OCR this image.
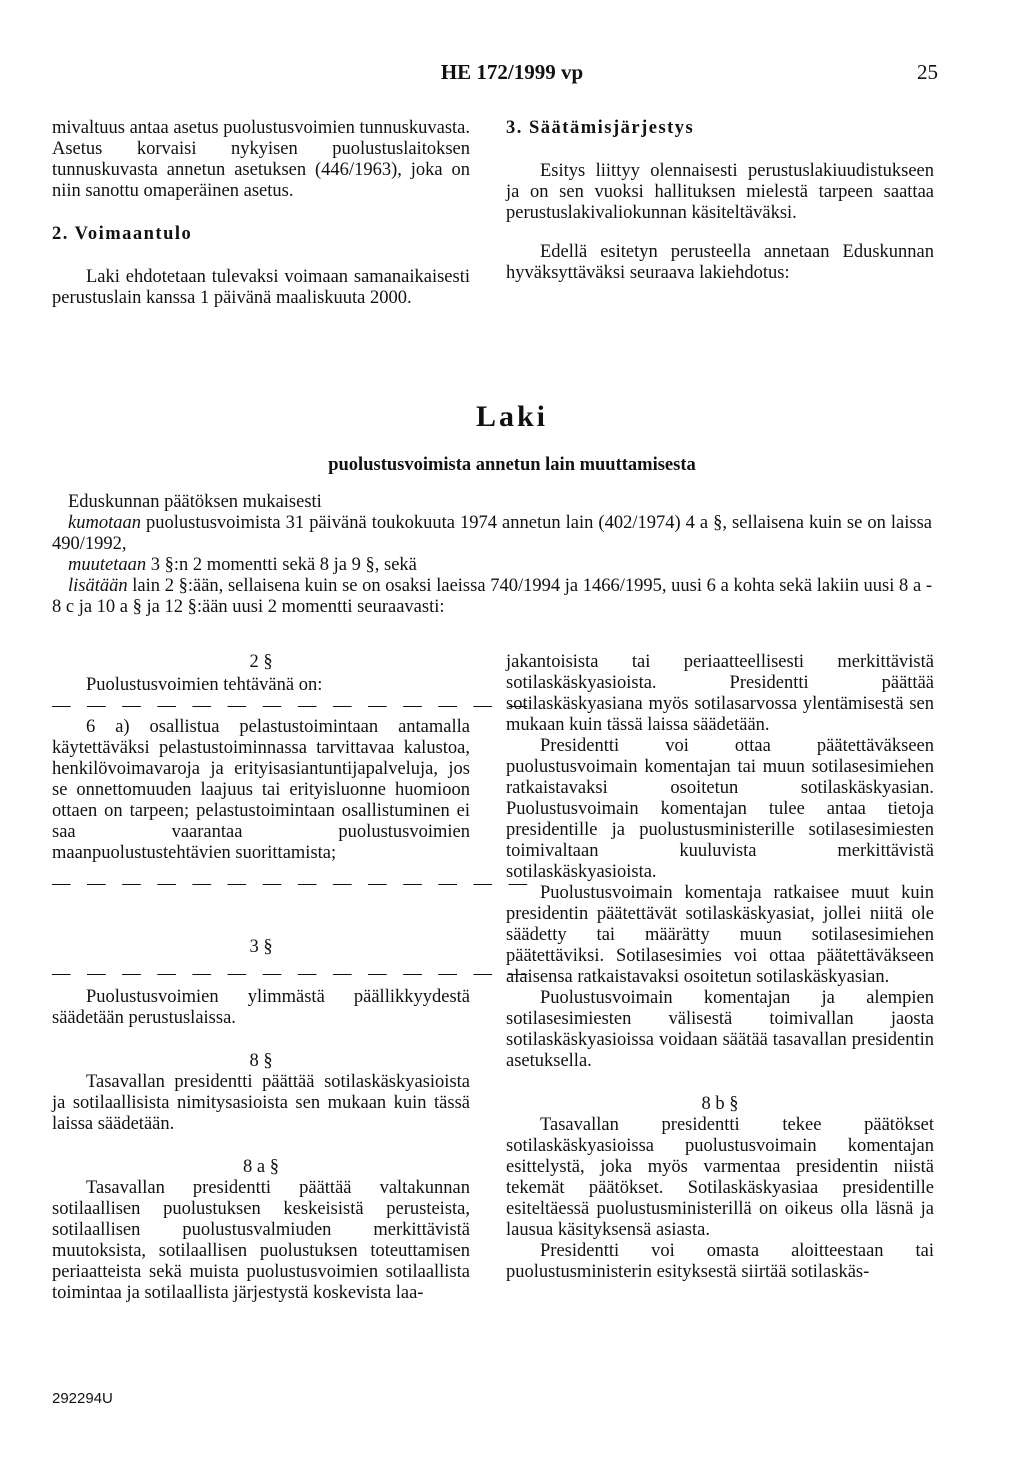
HE 172/1999 vp	25

mivaltuus antaa asetus puolustusvoimien tunnuskuvasta. Asetus korvaisi nykyisen puolustuslaitoksen tunnuskuvasta annetun asetuksen (446/1963), joka on niin sanottu omaperäinen asetus.

2. Voimaantulo

Laki ehdotetaan tulevaksi voimaan samanaikaisesti perustuslain kanssa 1 päivänä maaliskuuta 2000.

3. Säätämisjärjestys

Esitys liittyy olennaisesti perustuslakiuudistukseen ja on sen vuoksi hallituksen mielestä tarpeen saattaa perustuslakivaliokunnan käsiteltäväksi.

Edellä esitetyn perusteella annetaan Eduskunnan hyväksyttäväksi seuraava lakiehdotus:

Laki
puolustusvoimista annetun lain muuttamisesta

Eduskunnan päätöksen mukaisesti

kumotaan puolustusvoimista 31 päivänä toukokuuta 1974 annetun lain (402/1974) 4 a §, sellaisena kuin se on laissa 490/1992,

muutetaan 3 §:n 2 momentti sekä 8 ja 9 §, sekä

lisätään lain 2 §:ään, sellaisena kuin se on osaksi laeissa 740/1994 ja 1466/1995, uusi 6 a kohta sekä lakiin uusi 8 a - 8 c ja 10 a § ja 12 §:ään uusi 2 momentti seuraavasti:

2 §

Puolustusvoimien tehtävänä on:

— — — — — — — — — — — — — —

6 a) osallistua pelastustoimintaan antamalla käytettäväksi pelastustoiminnassa tarvittavaa kalustoa, henkilövoimavaroja ja erityisasiantuntijapalveluja, jos se onnettomuuden laajuus tai erityisluonne huomioon ottaen on tarpeen; pelastustoimintaan osallistuminen ei saa vaarantaa puolustusvoimien maanpuolustustehtävien suorittamista;

— — — — — — — — — — — — — —

3 §

— — — — — — — — — — — — — —

Puolustusvoimien ylimmästä päällikkyydestä säädetään perustuslaissa.

8 §

Tasavallan presidentti päättää sotilaskäskyasioista ja sotilaallisista nimitysasioista sen mukaan kuin tässä laissa säädetään.

8 a §

Tasavallan presidentti päättää valtakunnan sotilaallisen puolustuksen keskeisistä perusteista, sotilaallisen puolustusvalmiuden merkittävistä muutoksista, sotilaallisen puolustuksen toteuttamisen periaatteista sekä muista puolustusvoimien sotilaallista toimintaa ja sotilaallista järjestystä koskevista laa-

jakantoisista tai periaatteellisesti merkittävistä sotilaskäskyasioista. Presidentti päättää sotilaskäskyasiana myös sotilasarvossa ylentämisestä sen mukaan kuin tässä laissa säädetään.

Presidentti voi ottaa päätettäväkseen puolustusvoimain komentajan tai muun sotilasesimiehen ratkaistavaksi osoitetun sotilaskäskyasian. Puolustusvoimain komentajan tulee antaa tietoja presidentille ja puolustusministerille sotilasesimiesten toimivaltaan kuuluvista merkittävistä sotilaskäskyasioista.

Puolustusvoimain komentaja ratkaisee muut kuin presidentin päätettävät sotilaskäskyasiat, jollei niitä ole säädetty tai määrätty muun sotilasesimiehen päätettäviksi. Sotilasesimies voi ottaa päätettäväkseen alaisensa ratkaistavaksi osoitetun sotilaskäskyasian.

Puolustusvoimain komentajan ja alempien sotilasesimiesten välisestä toimivallan jaosta sotilaskäskyasioissa voidaan säätää tasavallan presidentin asetuksella.

8 b §

Tasavallan presidentti tekee päätökset sotilaskäskyasioissa puolustusvoimain komentajan esittelystä, joka myös varmentaa presidentin niistä tekemät päätökset. Sotilaskäskyasiaa presidentille esiteltäessä puolustusministerillä on oikeus olla läsnä ja lausua käsityksensä asiasta.

Presidentti voi omasta aloitteestaan tai puolustusministerin esityksestä siirtää sotilaskäs-

292294U
